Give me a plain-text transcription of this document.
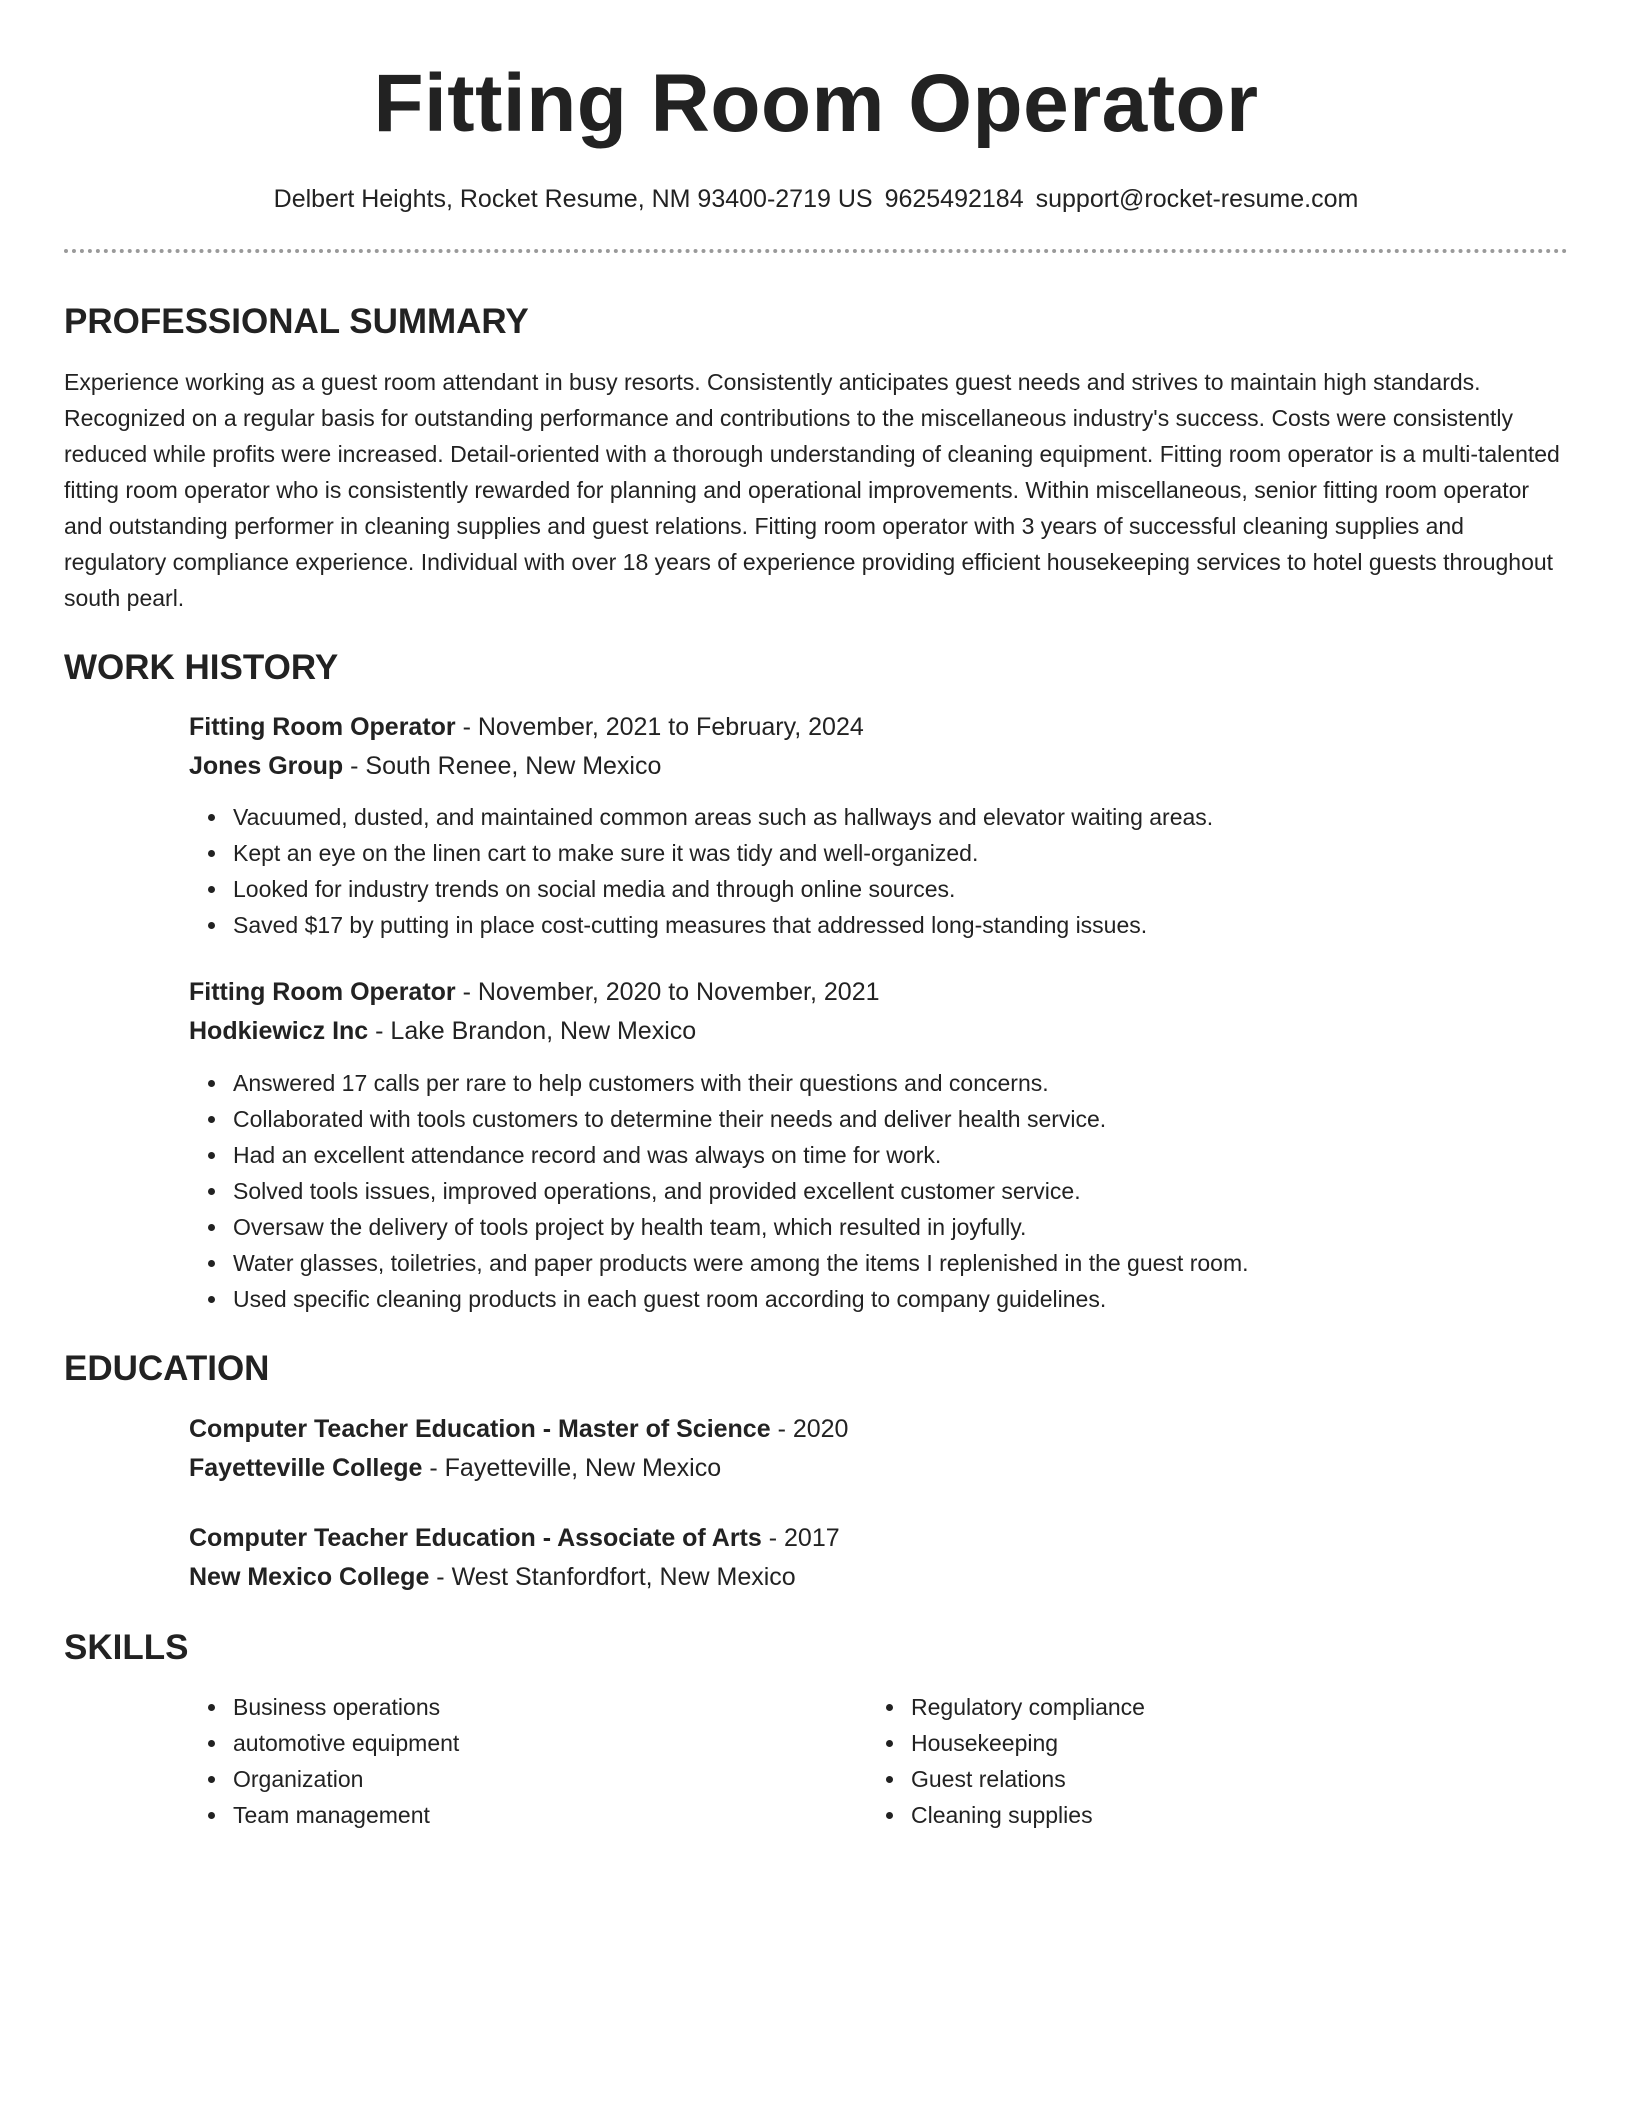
Fitting Room Operator
Delbert Heights, Rocket Resume, NM 93400-2719 US 9625492184 support@rocket-resume.com
PROFESSIONAL SUMMARY

Experience working as a guest room attendant in busy resorts. Consistently anticipates guest needs and strives to maintain high standards. Recognized on a regular basis for outstanding performance and contributions to the miscellaneous industry's success. Costs were consistently reduced while profits were increased. Detail-oriented with a thorough understanding of cleaning equipment. Fitting room operator is a multi-talented fitting room operator who is consistently rewarded for planning and operational improvements. Within miscellaneous, senior fitting room operator and outstanding performer in cleaning supplies and guest relations. Fitting room operator with 3 years of successful cleaning supplies and regulatory compliance experience. Individual with over 18 years of experience providing efficient housekeeping services to hotel guests throughout south pearl.

WORK HISTORY

Fitting Room Operator - November, 2021 to February, 2024

Jones Group - South Renee, New Mexico

Vacuumed, dusted, and maintained common areas such as hallways and elevator waiting areas.
Kept an eye on the linen cart to make sure it was tidy and well-organized.
Looked for industry trends on social media and through online sources.
Saved $17 by putting in place cost-cutting measures that addressed long-standing issues.

Fitting Room Operator - November, 2020 to November, 2021

Hodkiewicz Inc - Lake Brandon, New Mexico

Answered 17 calls per rare to help customers with their questions and concerns.
Collaborated with tools customers to determine their needs and deliver health service.
Had an excellent attendance record and was always on time for work.
Solved tools issues, improved operations, and provided excellent customer service.
Oversaw the delivery of tools project by health team, which resulted in joyfully.
Water glasses, toiletries, and paper products were among the items I replenished in the guest room.
Used specific cleaning products in each guest room according to company guidelines.
EDUCATION

Computer Teacher Education - Master of Science - 2020

Fayetteville College - Fayetteville, New Mexico

Computer Teacher Education - Associate of Arts - 2017

New Mexico College - West Stanfordfort, New Mexico

SKILLS
Business operations
automotive equipment
Organization
Team management
Regulatory compliance
Housekeeping
Guest relations
Cleaning supplies
